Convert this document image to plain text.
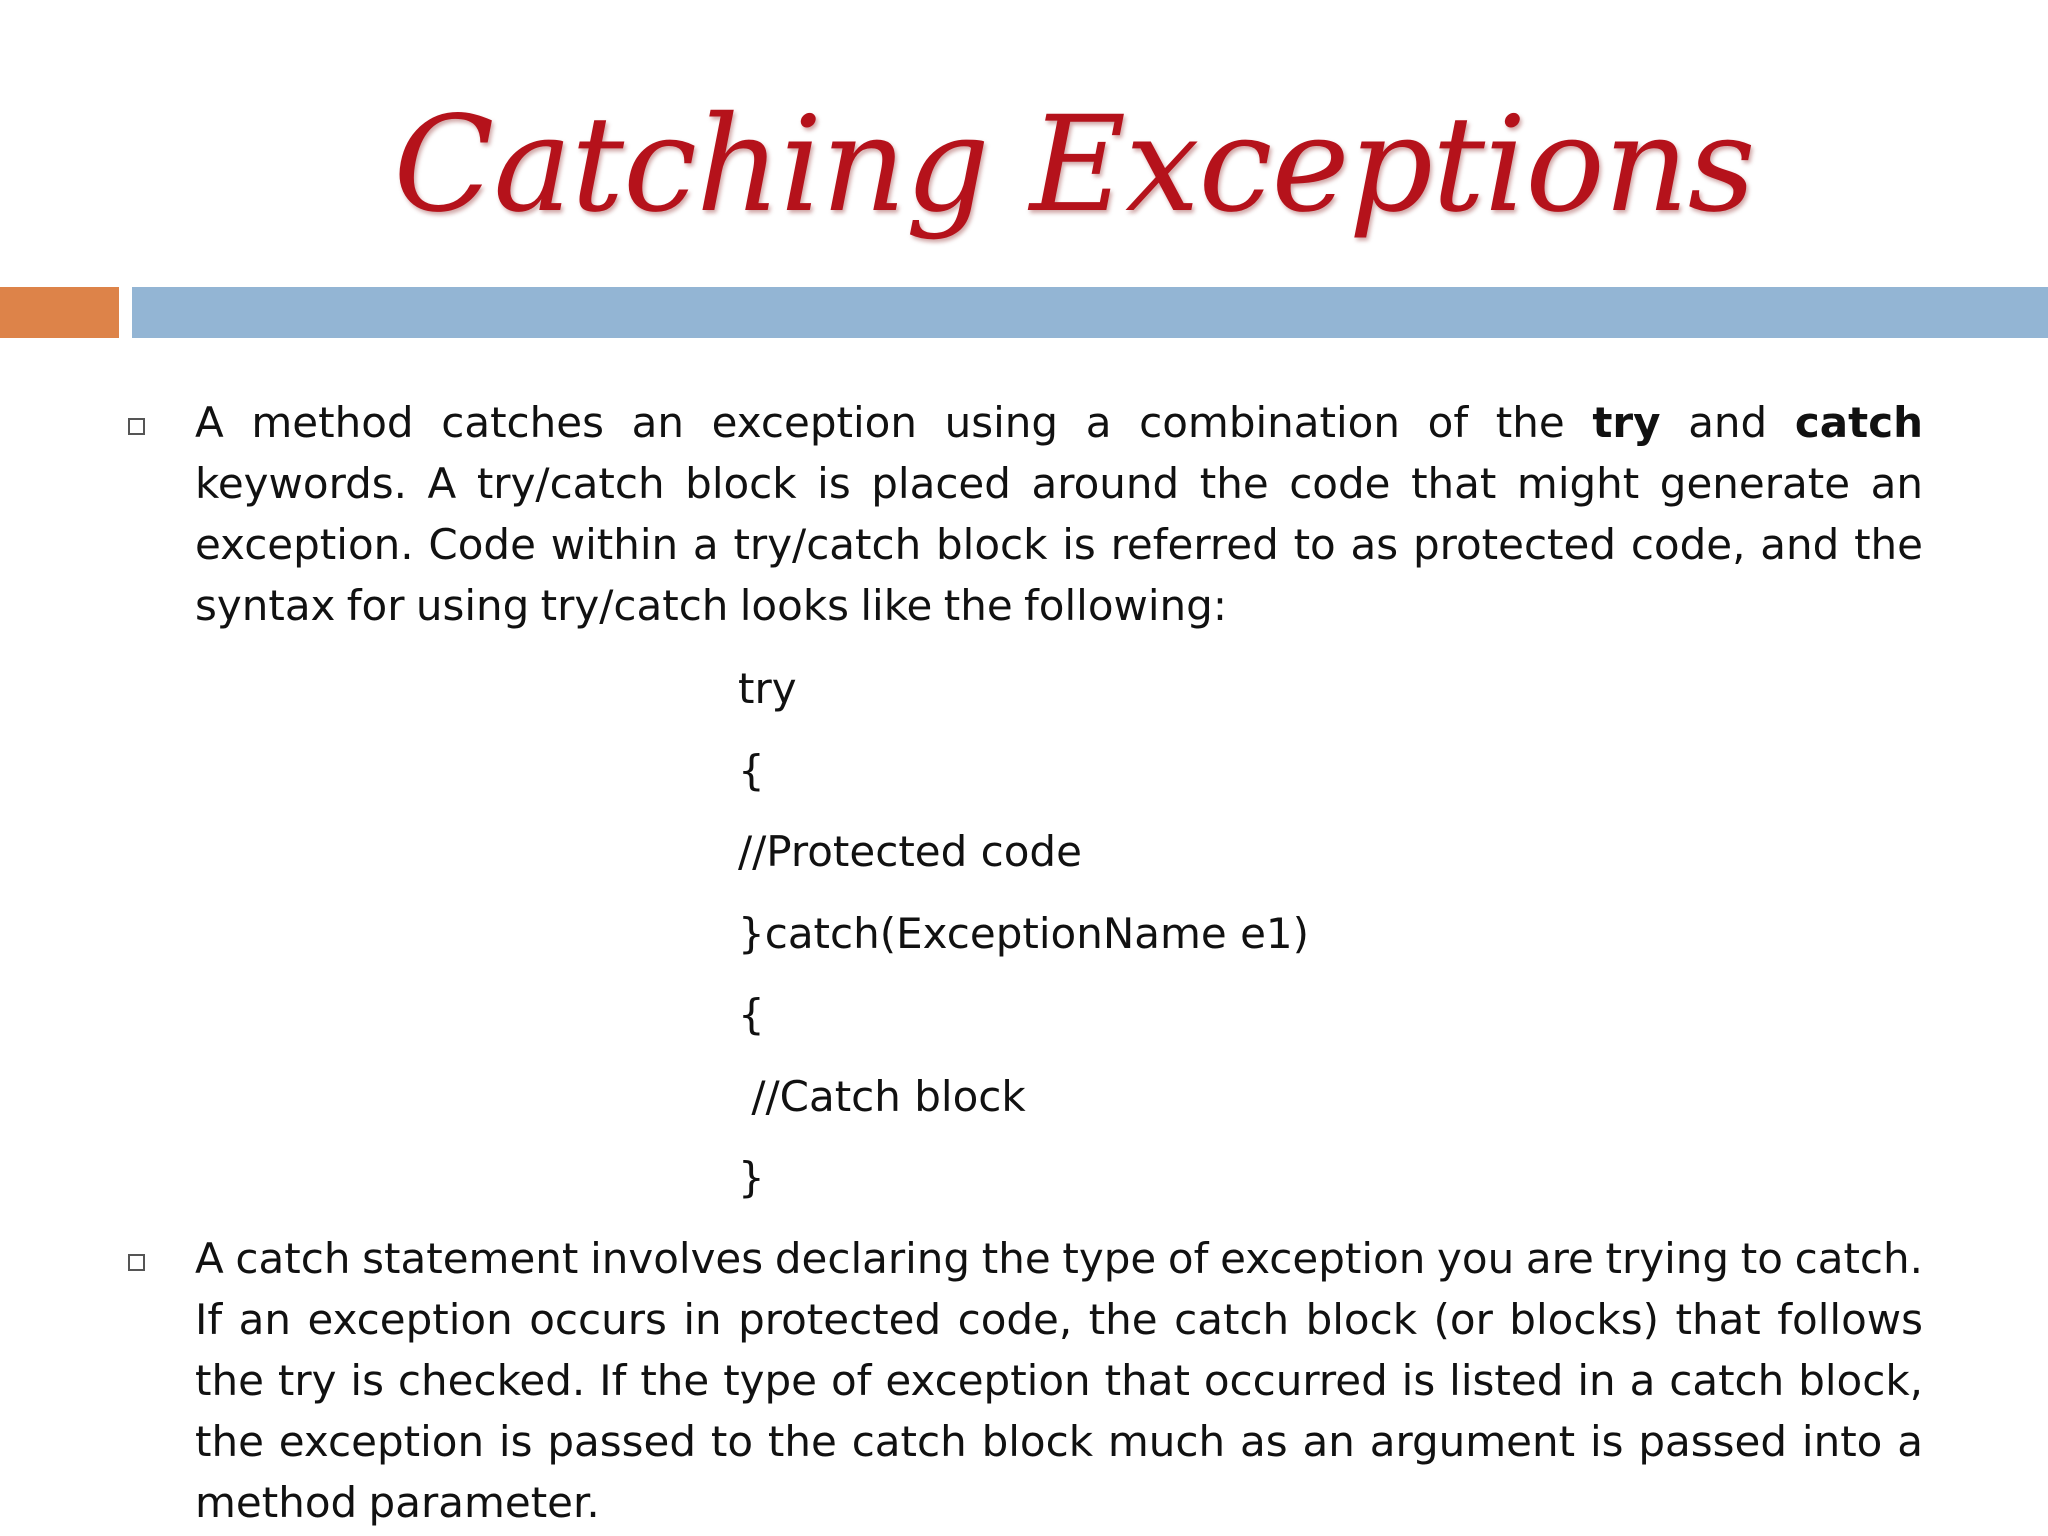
Catching Exceptions
A method catches an exception using a combination of the try and catch keywords. A try/catch block is placed around the code that might generate an exception. Code within a try/catch block is referred to as protected code, and the syntax for using try/catch looks like the following:
try
{
//Protected code
}catch(ExceptionName e1)
{
//Catch block
}
A catch statement involves declaring the type of exception you are trying to catch. If an exception occurs in protected code, the catch block (or blocks) that follows the try is checked. If the type of exception that occurred is listed in a catch block, the exception is passed to the catch block much as an argument is passed into a method parameter.
